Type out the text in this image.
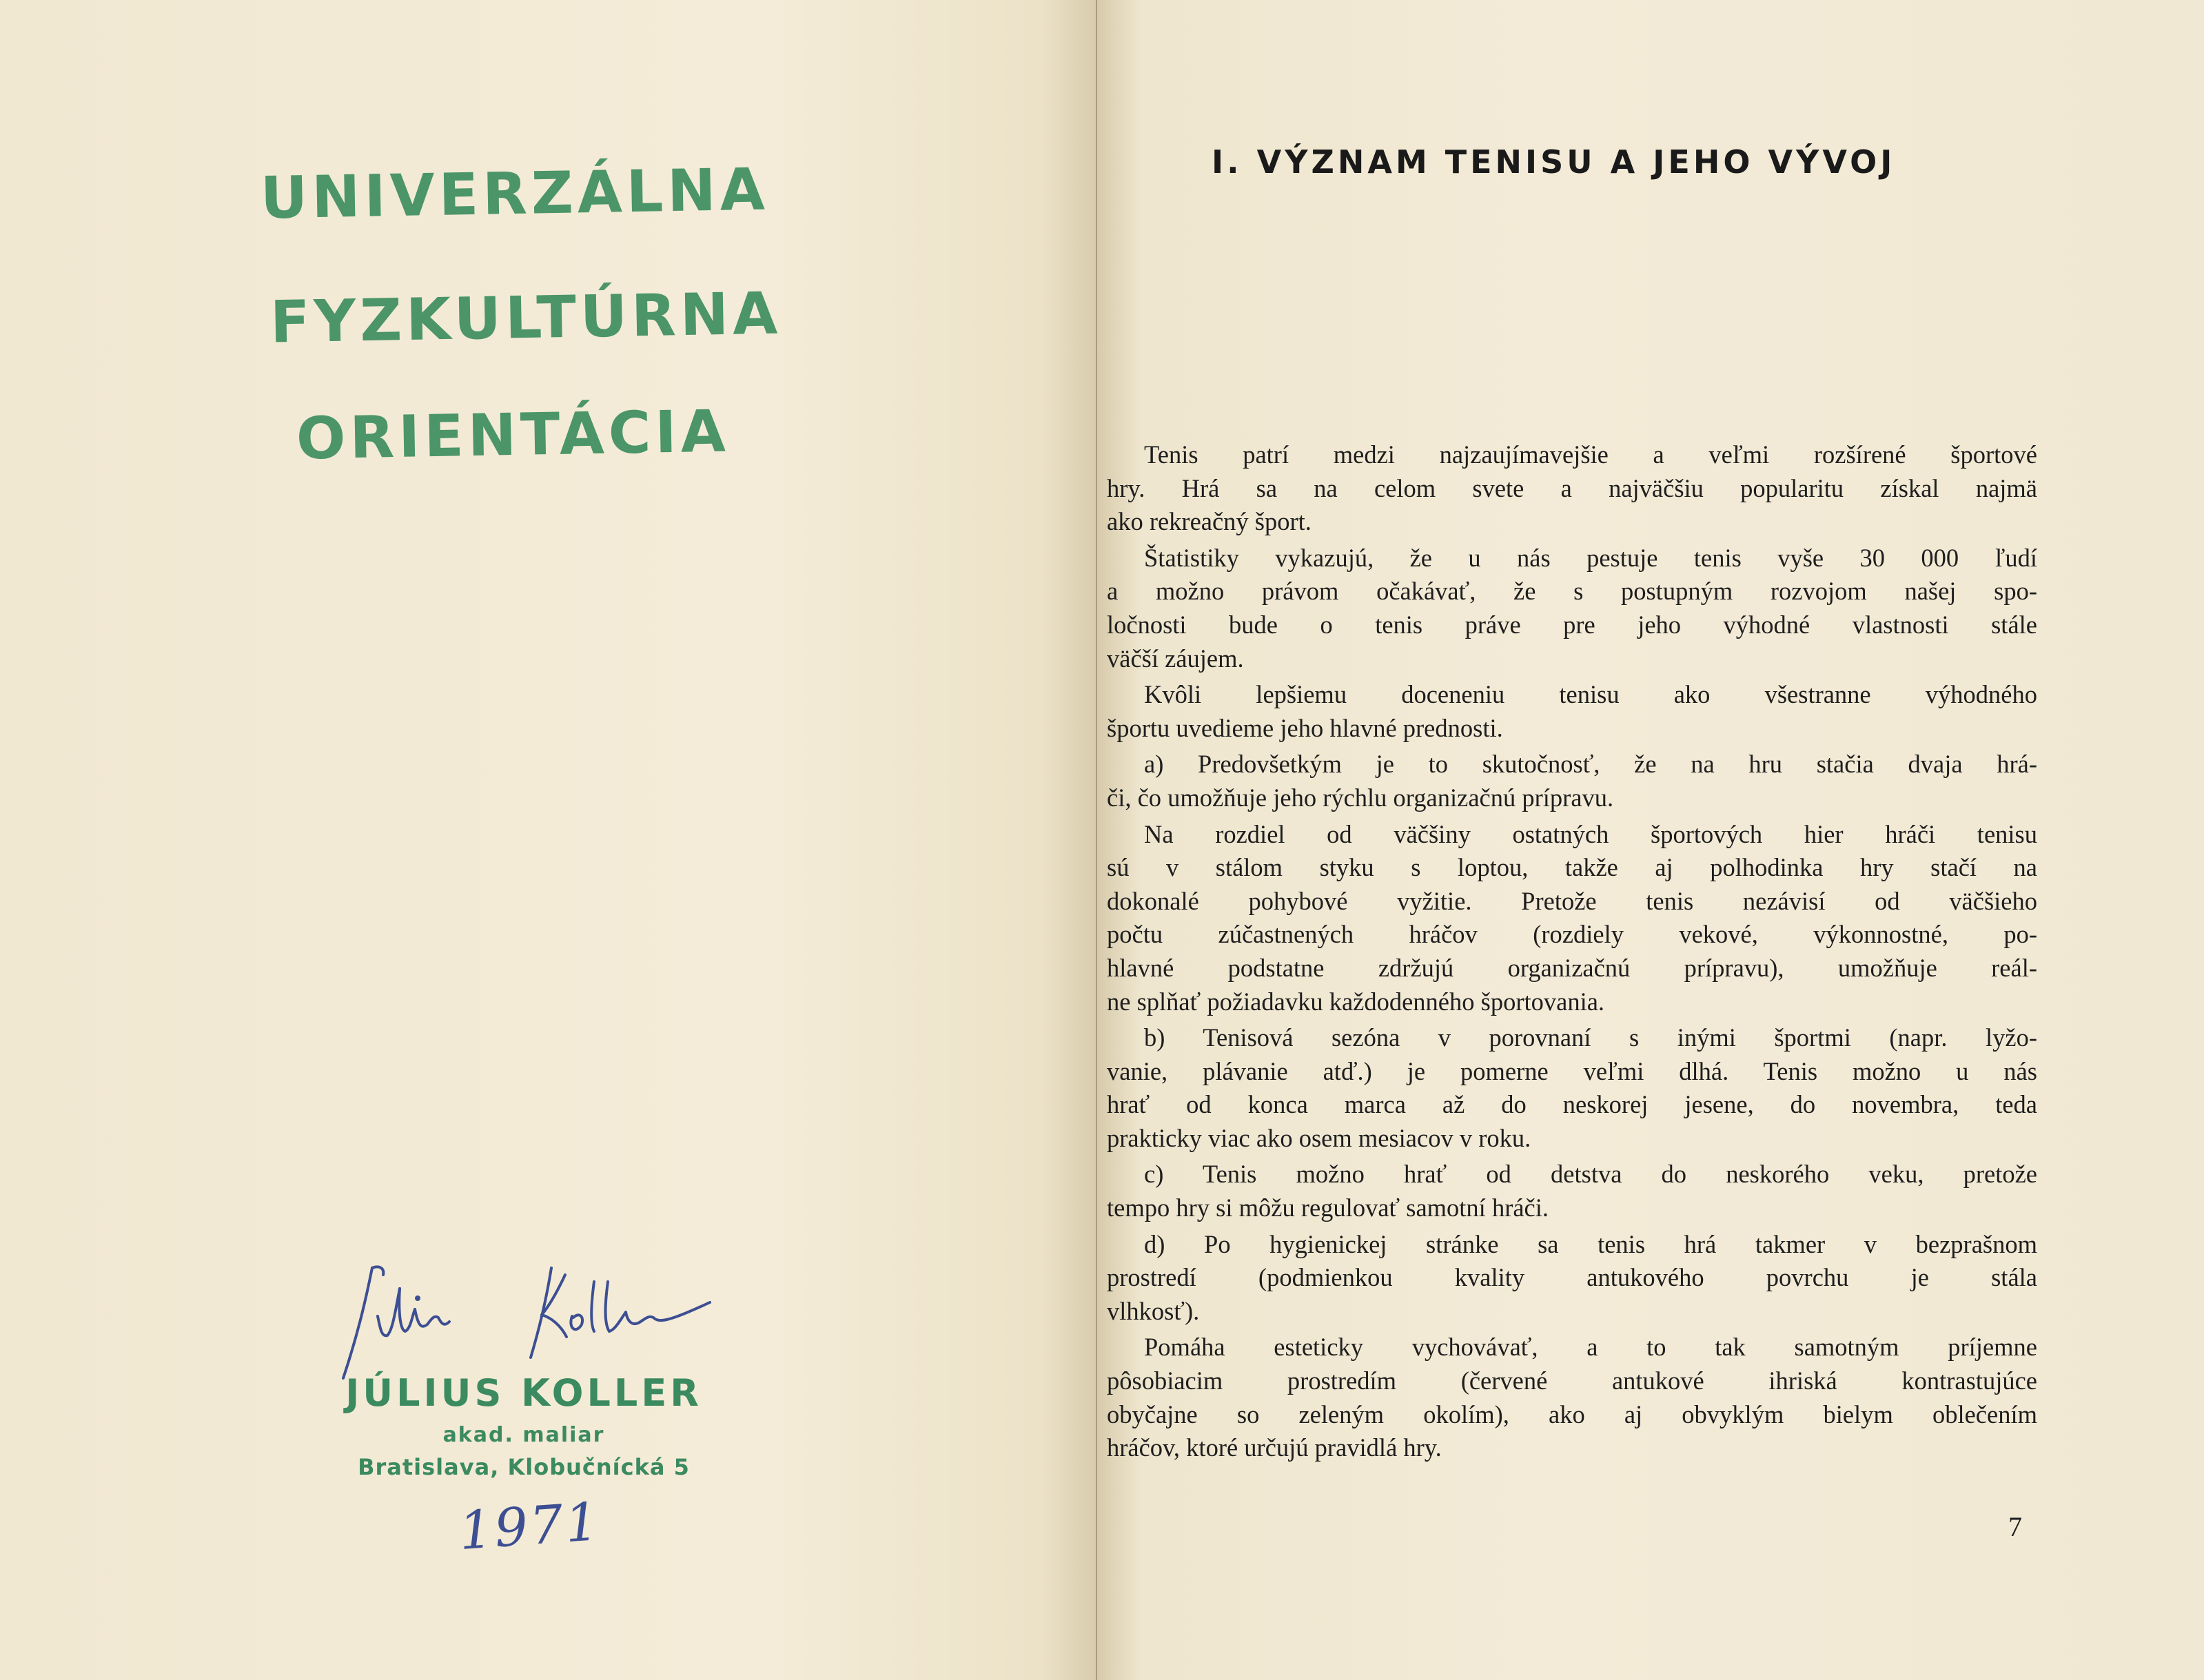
UNIVERZÁLNA
FYZKULTÚRNA
ORIENTÁCIA
JÚLIUS KOLLER
akad. maliar
Bratislava, Klobučnícká 5
1971
I. VÝZNAM TENISU A JEHO VÝVOJ
Tenis patrí medzi najzaujímavejšie a veľmi rozšírené športové
hry. Hrá sa na celom svete a najväčšiu popularitu získal najmä
ako rekreačný šport.
Štatistiky vykazujú, že u nás pestuje tenis vyše 30 000 ľudí
a možno právom očakávať, že s postupným rozvojom našej spo-
ločnosti bude o tenis práve pre jeho výhodné vlastnosti stále
väčší záujem.
Kvôli lepšiemu doceneniu tenisu ako všestranne výhodného
športu uvedieme jeho hlavné prednosti.
a) Predovšetkým je to skutočnosť, že na hru stačia dvaja hrá-
či, čo umožňuje jeho rýchlu organizačnú prípravu.
Na rozdiel od väčšiny ostatných športových hier hráči tenisu
sú v stálom styku s loptou, takže aj polhodinka hry stačí na
dokonalé pohybové vyžitie. Pretože tenis nezávisí od väčšieho
počtu zúčastnených hráčov (rozdiely vekové, výkonnostné, po-
hlavné podstatne zdržujú organizačnú prípravu), umožňuje reál-
ne splňať požiadavku každodenného športovania.
b) Tenisová sezóna v porovnaní s inými športmi (napr. lyžo-
vanie, plávanie atď.) je pomerne veľmi dlhá. Tenis možno u nás
hrať od konca marca až do neskorej jesene, do novembra, teda
prakticky viac ako osem mesiacov v roku.
c) Tenis možno hrať od detstva do neskorého veku, pretože
tempo hry si môžu regulovať samotní hráči.
d) Po hygienickej stránke sa tenis hrá takmer v bezprašnom
prostredí (podmienkou kvality antukového povrchu je stála
vlhkosť).
Pomáha esteticky vychovávať, a to tak samotným príjemne
pôsobiacim prostredím (červené antukové ihriská kontrastujúce
obyčajne so zeleným okolím), ako aj obvyklým bielym oblečením
hráčov, ktoré určujú pravidlá hry.
7
